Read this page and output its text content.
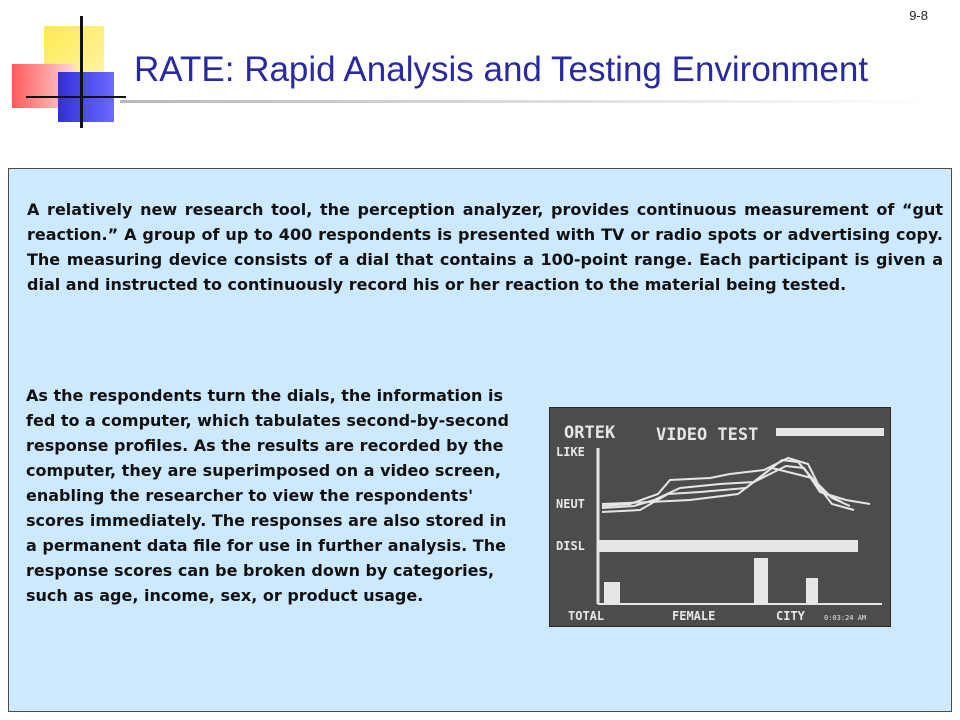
9-8
RATE: Rapid Analysis and Testing Environment

A relatively new research tool, the perception analyzer, provides continuous measurement of “gut reaction.” A group of up to 400 respondents is presented with TV or radio spots or advertising copy. The measuring device consists of a dial that contains a 100-point range. Each participant is given a dial and instructed to continuously record his or her reaction to the material being tested.

As the respondents turn the dials, the information is fed to a computer, which tabulates second-by-second response profiles. As the results are recorded by the computer, they are superimposed on a video screen, enabling the researcher to view the respondents' scores immediately. The responses are also stored in a permanent data file for use in further analysis. The response scores can be broken down by categories, such as age, income, sex, or product usage.

ORTEK VIDEO TEST
LIKE
NEUT
DISL
TOTAL	FEMALE	CITY	0:03:24 AM
